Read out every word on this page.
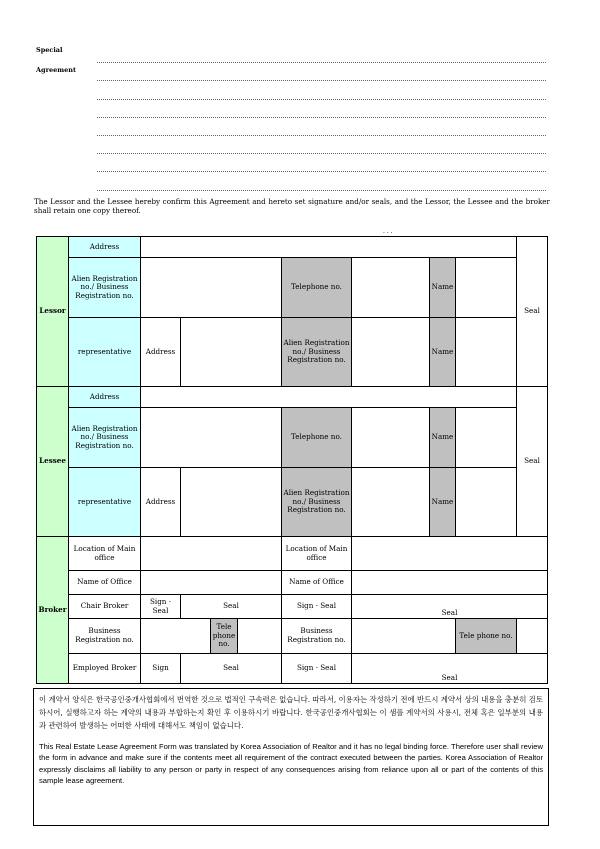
Special
Agreement
The Lessor and the Lessee hereby confirm this Agreement and hereto set signature and/or seals, and the Lessor, the Lessee and the broker shall retain one copy thereof.
. . .
Lessor	Address									Seal
	Alien Registration no./ Business Registration no.					Telephone no.		Name		
	representative	Address				Alien Registration no./ Business Registration no.		Name		
Lessee	Address									Seal
	Alien Registration no./ Business Registration no.					Telephone no.		Name		
	representative	Address				Alien Registration no./ Business Registration no.		Name		
Broker	Location of Main office					Location of Main office				
	Name of Office					Name of Office				
	Chair Broker	Sign · Seal	Seal			Sign · Seal	Seal			
	Business Registration no.			Tele phone no.		Business Registration no.			Tele phone no.	
	Employed Broker	Sign	Seal			Sign · Seal	Seal			
이 계약서 양식은 한국공인중개사협회에서 번역한 것으로 법적인 구속력은 없습니다. 따라서, 이용자는 작성하기 전에 반드시 계약서 상의 내용을 충분히 검토하시어, 실행하고자 하는 계약의 내용과 부합하는지 확인 후 이용하시기 바랍니다. 한국공인중개사협회는 이 샘플 계약서의 사용시, 전체 혹은 일부분의 내용과 관련하여 발생하는 어떠한 사태에 대해서도 책임이 없습니다.
This Real Estate Lease Agreement Form was translated by Korea Association of Realtor and it has no legal binding force. Therefore user shall review the form in advance and make sure if the contents meet all requirement of the contract executed between the parties. Korea Association of Realtor expressly disclaims all liability to any person or party in respect of any consequences arising from reliance upon all or part of the contents of this sample lease agreement.
